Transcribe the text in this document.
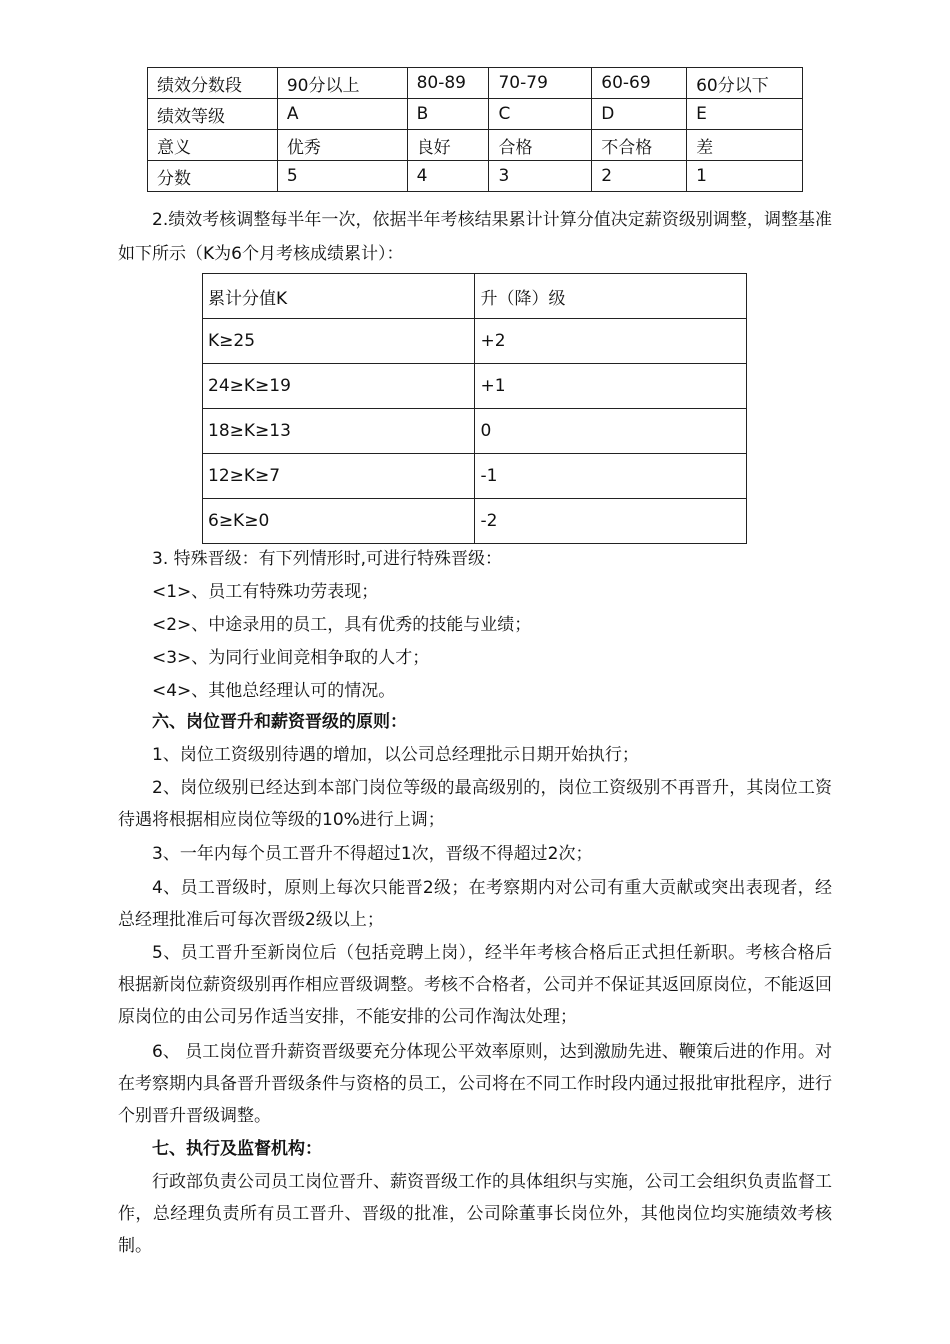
绩效分数段	90分以上	80-89	70-79	60-69	60分以下
绩效等级	A	B	C	D	E
意义	优秀	良好	合格	不合格	差
分数	5	4	3	2	1

2.绩效考核调整每半年一次，依据半年考核结果累计计算分值决定薪资级别调整，调整基准如下所示（K为6个月考核成绩累计）：

累计分值K	升（降）级
K≥25	+2
24≥K≥19	+1
18≥K≥13	0
12≥K≥7	-1
6≥K≥0	-2

3. 特殊晋级：有下列情形时,可进行特殊晋级：

<1>、员工有特殊功劳表现；

<2>、中途录用的员工，具有优秀的技能与业绩；

<3>、为同行业间竞相争取的人才；

<4>、其他总经理认可的情况。

六、岗位晋升和薪资晋级的原则：

1、岗位工资级别待遇的增加，以公司总经理批示日期开始执行；

2、岗位级别已经达到本部门岗位等级的最高级别的，岗位工资级别不再晋升，其岗位工资待遇将根据相应岗位等级的10%进行上调；

3、一年内每个员工晋升不得超过1次，晋级不得超过2次；

4、员工晋级时，原则上每次只能晋2级；在考察期内对公司有重大贡献或突出表现者，经总经理批准后可每次晋级2级以上；

5、员工晋升至新岗位后（包括竞聘上岗），经半年考核合格后正式担任新职。考核合格后根据新岗位薪资级别再作相应晋级调整。考核不合格者，公司并不保证其返回原岗位，不能返回原岗位的由公司另作适当安排，不能安排的公司作淘汰处理；

6、 员工岗位晋升薪资晋级要充分体现公平效率原则，达到激励先进、鞭策后进的作用。对在考察期内具备晋升晋级条件与资格的员工，公司将在不同工作时段内通过报批审批程序，进行个别晋升晋级调整。

七、执行及监督机构：

行政部负责公司员工岗位晋升、薪资晋级工作的具体组织与实施，公司工会组织负责监督工作，总经理负责所有员工晋升、晋级的批准，公司除董事长岗位外，其他岗位均实施绩效考核制。
